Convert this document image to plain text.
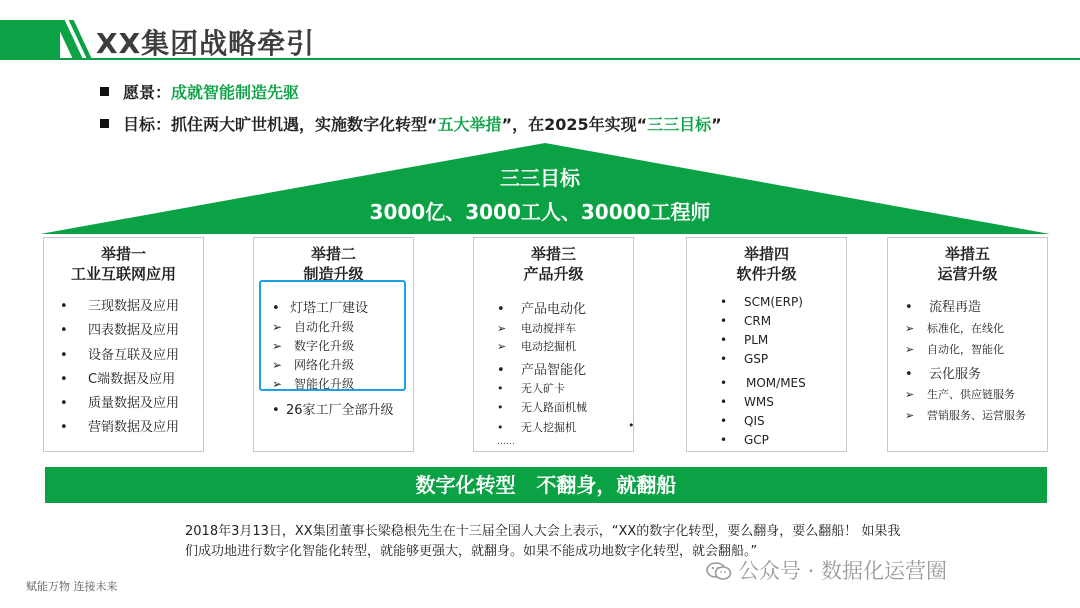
XX集团战略牵引
愿景：成就智能制造先驱
目标：抓住两大旷世机遇，实施数字化转型“五大举措”，在2025年实现“三三目标”
三三目标
3000亿、3000工人、30000工程师
举措一
工业互联网应用
• 三现数据及应用
• 四表数据及应用
• 设备互联及应用
• C端数据及应用
• 质量数据及应用
• 营销数据及应用
举措二
制造升级
• 灯塔工厂建设
➢ 自动化升级
➢ 数字化升级
➢ 网络化升级
➢ 智能化升级
• 26家工厂全部升级
举措三
产品升级
• 产品电动化
➢ 电动搅拌车
➢ 电动挖掘机
• 产品智能化
• 无人矿卡
• 无人路面机械
• 无人挖掘机	•
……
举措四
软件升级
• SCM(ERP)
• CRM
• PLM
• GSP
• MOM/MES
• WMS
• QIS
• GCP
举措五
运营升级
• 流程再造
➢ 标准化，在线化
➢ 自动化，智能化
• 云化服务
➢ 生产、供应链服务
➢ 营销服务、运营服务
数字化转型   不翻身，就翻船
2018年3月13日，XX集团董事长梁稳根先生在十三届全国人大会上表示，“XX的数字化转型，要么翻身，要么翻船！ 如果我们成功地进行数字化智能化转型，就能够更强大，就翻身。如果不能成功地数字化转型，就会翻船。”
赋能万物 连接未来
公众号 · 数据化运营圈
